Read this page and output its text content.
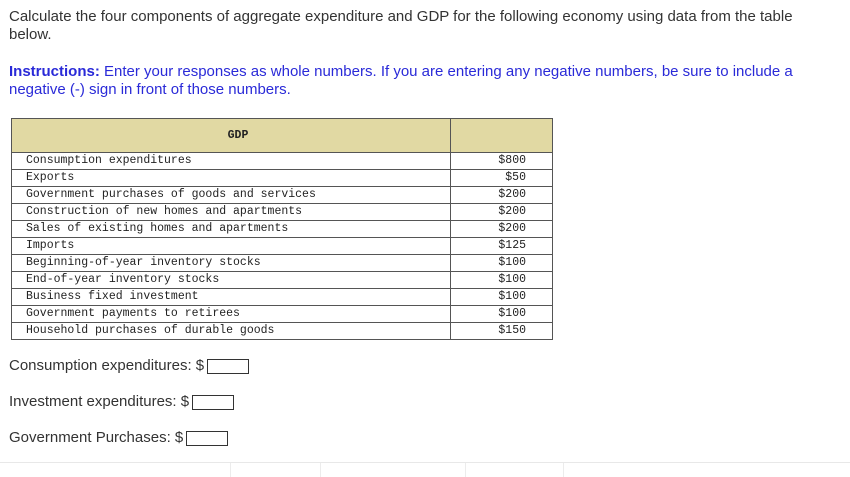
Calculate the four components of aggregate expenditure and GDP for the following economy using data from the table below.

Instructions: Enter your responses as whole numbers. If you are entering any negative numbers, be sure to include a negative (-) sign in front of those numbers.

GDP	
Consumption expenditures	$800
Exports	$50
Government purchases of goods and services	$200
Construction of new homes and apartments	$200
Sales of existing homes and apartments	$200
Imports	$125
Beginning-of-year inventory stocks	$100
End-of-year inventory stocks	$100
Business fixed investment	$100
Government payments to retirees	$100
Household purchases of durable goods	$150
Consumption expenditures: $
Investment expenditures: $
Government Purchases: $
